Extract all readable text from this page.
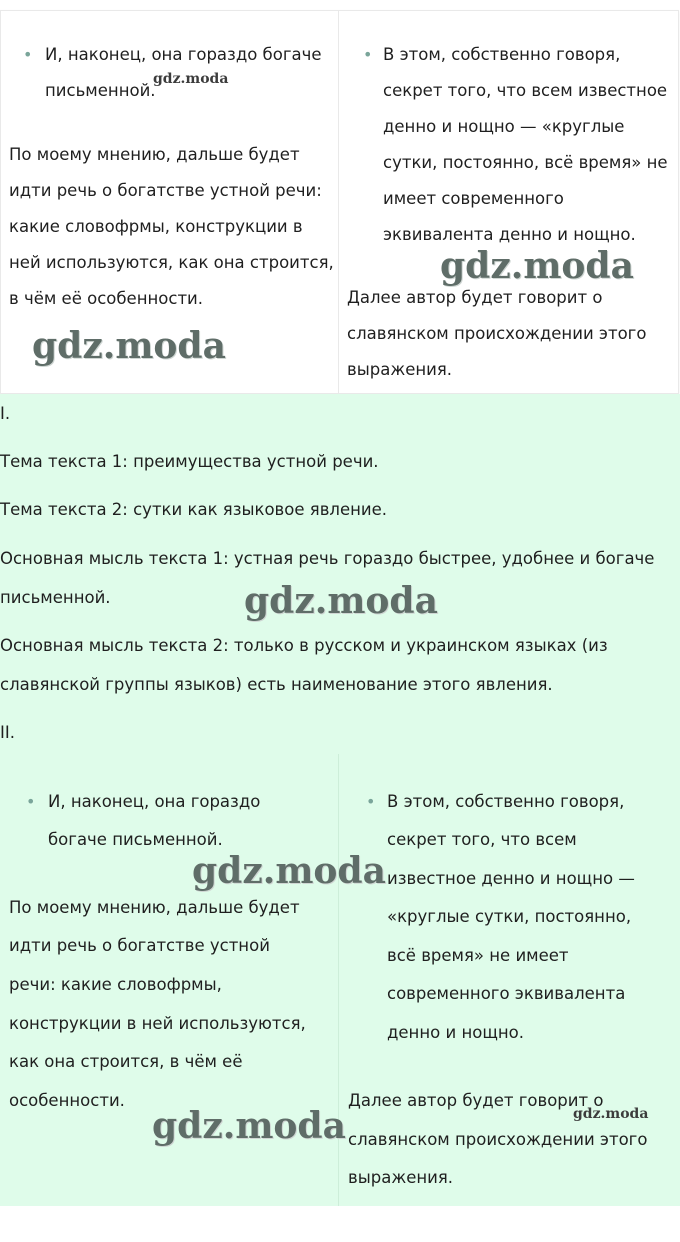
• И, наконец, она гораздо богаче

письменной.

По моему мнению, дальше будет

идти речь о богатстве устной речи:

какие словофрмы, конструкции в

ней используются, как она строится,

в чём её особенности.

• В этом, собственно говоря,

секрет того, что всем известное

денно и нощно — «круглые

сутки, постоянно, всё время» не

имеет современного

эквивалента денно и нощно.

Далее автор будет говорит о

славянском происхождении этого

выражения.

I.

Тема текста 1: преимущества устной речи.

Тема текста 2: сутки как языковое явление.

Основная мысль текста 1: устная речь гораздо быстрее, удобнее и богаче

письменной.

Основная мысль текста 2: только в русском и украинском языках (из

славянской группы языков) есть наименование этого явления.

II.

• И, наконец, она гораздо

богаче письменной.

По моему мнению, дальше будет

идти речь о богатстве устной

речи: какие словофрмы,

конструкции в ней используются,

как она строится, в чём её

особенности.

• В этом, собственно говоря,

секрет того, что всем

известное денно и нощно —

«круглые сутки, постоянно,

всё время» не имеет

современного эквивалента

денно и нощно.

Далее автор будет говорит о

славянском происхождении этого

выражения.

gdz.moda
gdz.moda
gdz.moda
gdz.moda
gdz.moda
gdz.moda	gdz.moda
